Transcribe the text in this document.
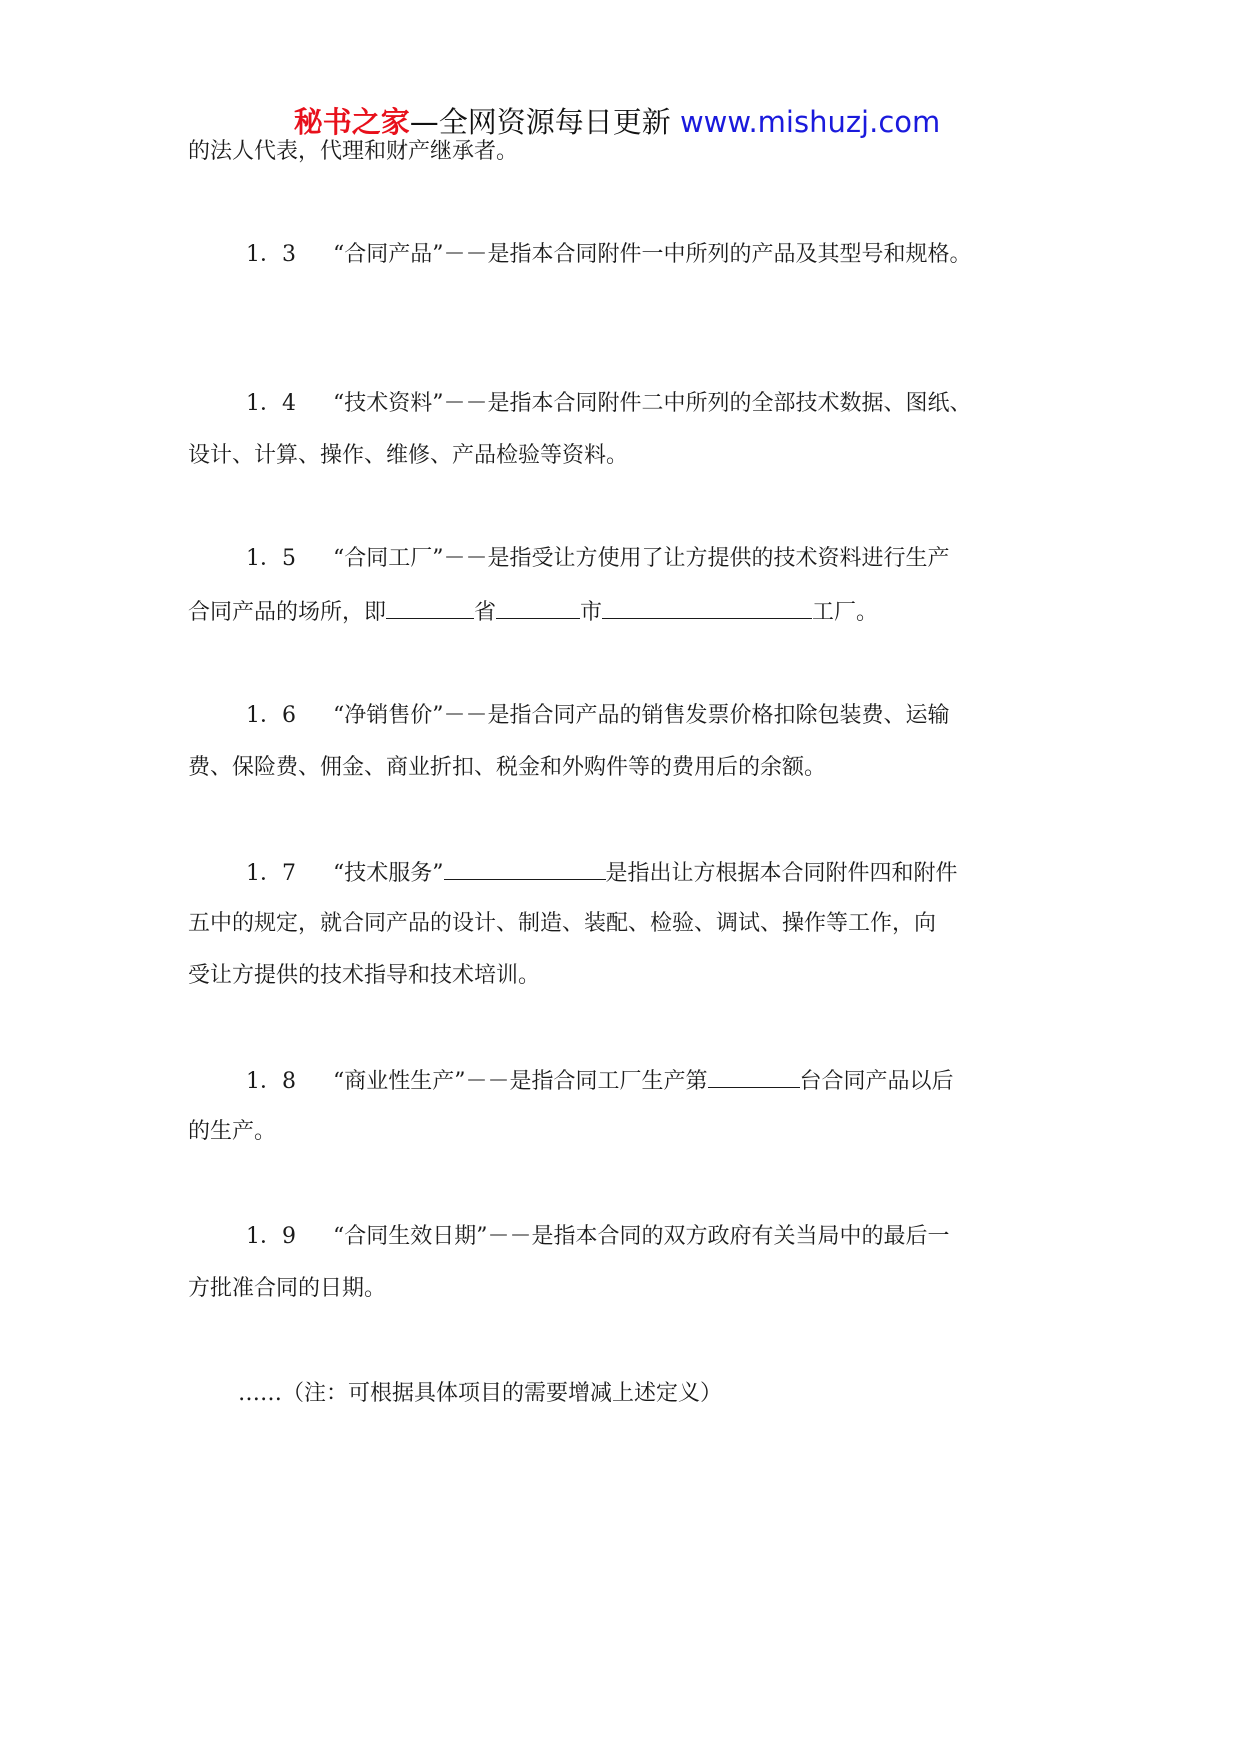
秘书之家—全网资源每日更新 www.mishuzj.com
的法人代表，代理和财产继承者。
1．3 “合同产品”－－是指本合同附件一中所列的产品及其型号和规格。
1．4 “技术资料”－－是指本合同附件二中所列的全部技术数据、图纸、
设计、计算、操作、维修、产品检验等资料。
1．5 “合同工厂”－－是指受让方使用了让方提供的技术资料进行生产
合同产品的场所，即	省	市	工厂。
1．6 “净销售价”－－是指合同产品的销售发票价格扣除包装费、运输
费、保险费、佣金、商业折扣、税金和外购件等的费用后的余额。
1．7 “技术服务”	是指出让方根据本合同附件四和附件
五中的规定，就合同产品的设计、制造、装配、检验、调试、操作等工作，向
受让方提供的技术指导和技术培训。
1．8 “商业性生产”－－是指合同工厂生产第	台合同产品以后
的生产。
1．9 “合同生效日期”－－是指本合同的双方政府有关当局中的最后一
方批准合同的日期。
……（注：可根据具体项目的需要增减上述定义）
